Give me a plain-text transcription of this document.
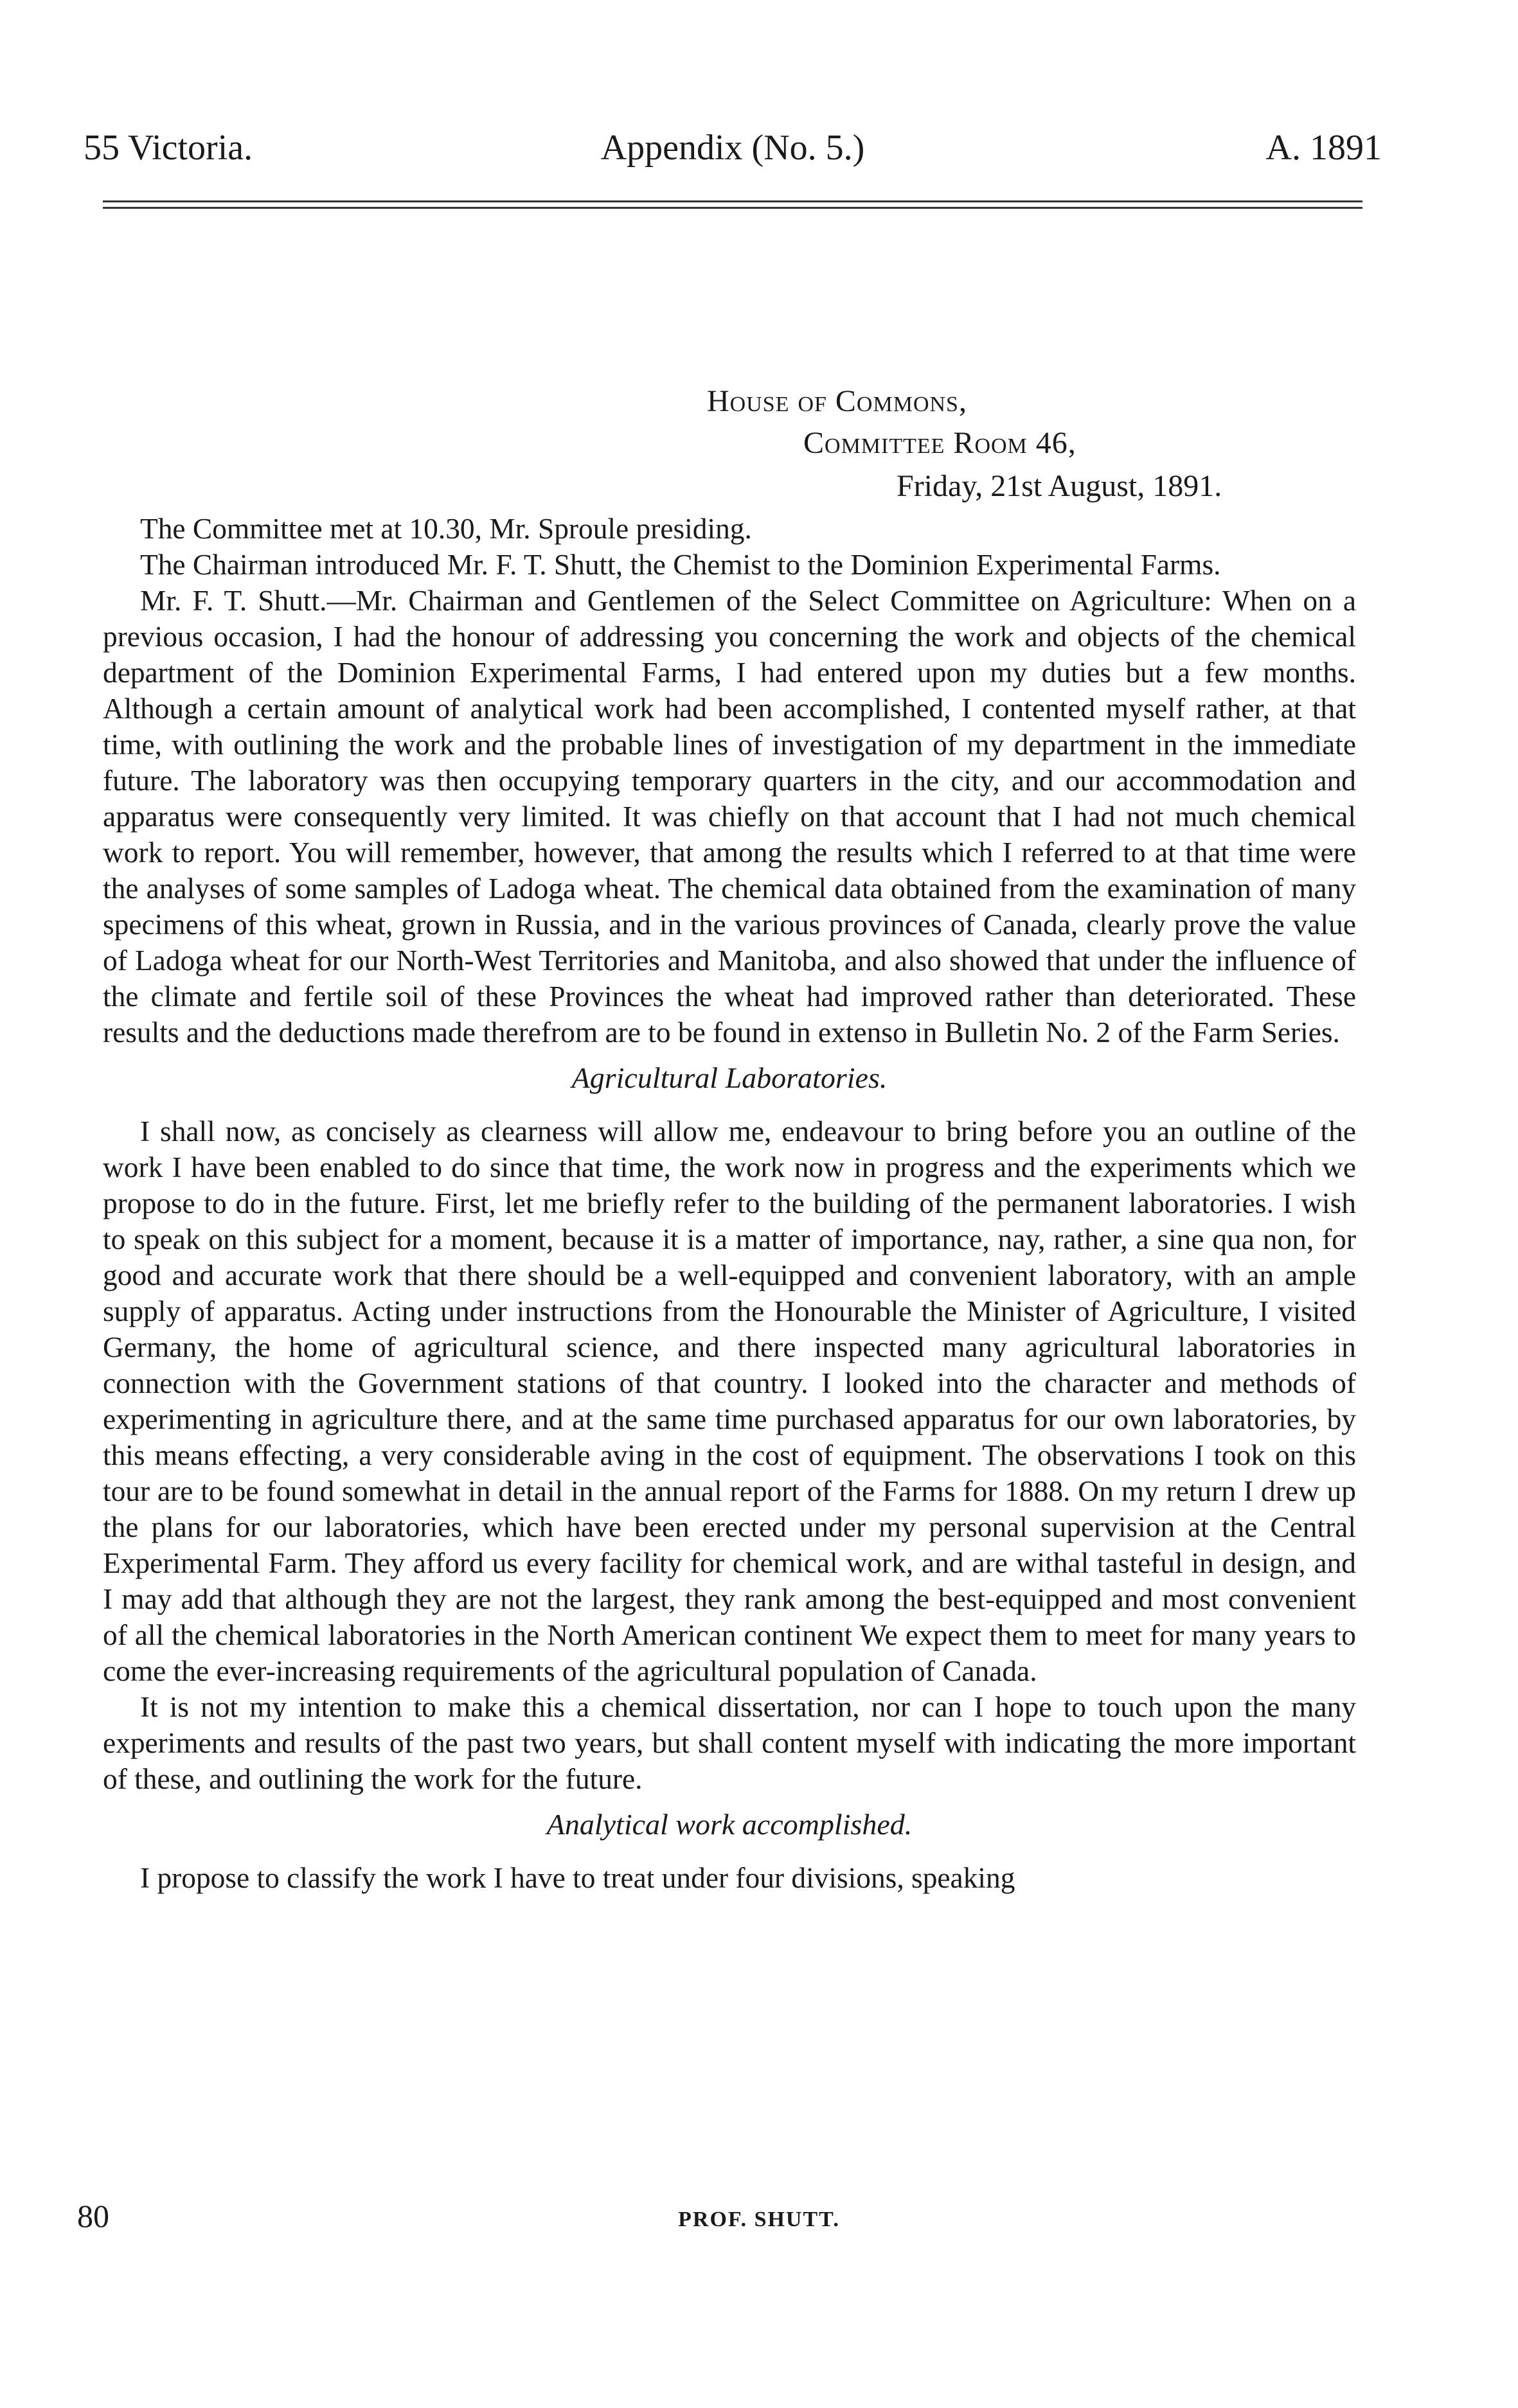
55 Victoria.	Appendix (No. 5.)	A. 1891
House of Commons,
Committee Room 46,
Friday, 21st August, 1891.

The Committee met at 10.30, Mr. Sproule presiding.

The Chairman introduced Mr. F. T. Shutt, the Chemist to the Dominion Experimental Farms.

Mr. F. T. Shutt.—Mr. Chairman and Gentlemen of the Select Committee on Agriculture: When on a previous occasion, I had the honour of addressing you concerning the work and objects of the chemical department of the Dominion Experimental Farms, I had entered upon my duties but a few months. Although a certain amount of analytical work had been accomplished, I contented myself rather, at that time, with outlining the work and the probable lines of investigation of my department in the immediate future. The laboratory was then occupying temporary quarters in the city, and our accommodation and apparatus were consequently very limited. It was chiefly on that account that I had not much chemical work to report. You will remember, however, that among the results which I referred to at that time were the analyses of some samples of Ladoga wheat. The chemical data obtained from the examination of many specimens of this wheat, grown in Russia, and in the various provinces of Canada, clearly prove the value of Ladoga wheat for our North-West Territories and Manitoba, and also showed that under the influence of the climate and fertile soil of these Provinces the wheat had improved rather than deteriorated. These results and the deductions made therefrom are to be found in extenso in Bulletin No. 2 of the Farm Series.

Agricultural Laboratories.

I shall now, as concisely as clearness will allow me, endeavour to bring before you an outline of the work I have been enabled to do since that time, the work now in progress and the experiments which we propose to do in the future. First, let me briefly refer to the building of the permanent laboratories. I wish to speak on this subject for a moment, because it is a matter of importance, nay, rather, a sine qua non, for good and accurate work that there should be a well-equipped and convenient laboratory, with an ample supply of apparatus. Acting under instructions from the Honourable the Minister of Agriculture, I visited Germany, the home of agricultural science, and there inspected many agricultural laboratories in connection with the Government stations of that country. I looked into the character and methods of experimenting in agriculture there, and at the same time purchased apparatus for our own laboratories, by this means effecting, a very considerable aving in the cost of equipment. The observations I took on this tour are to be found somewhat in detail in the annual report of the Farms for 1888. On my return I drew up the plans for our laboratories, which have been erected under my personal supervision at the Central Experimental Farm. They afford us every facility for chemical work, and are withal tasteful in design, and I may add that although they are not the largest, they rank among the best-equipped and most convenient of all the chemical laboratories in the North American continent We expect them to meet for many years to come the ever-increasing requirements of the agricultural population of Canada.

It is not my intention to make this a chemical dissertation, nor can I hope to touch upon the many experiments and results of the past two years, but shall content myself with indicating the more important of these, and outlining the work for the future.

Analytical work accomplished.

I propose to classify the work I have to treat under four divisions, speaking

80	PROF. SHUTT.
